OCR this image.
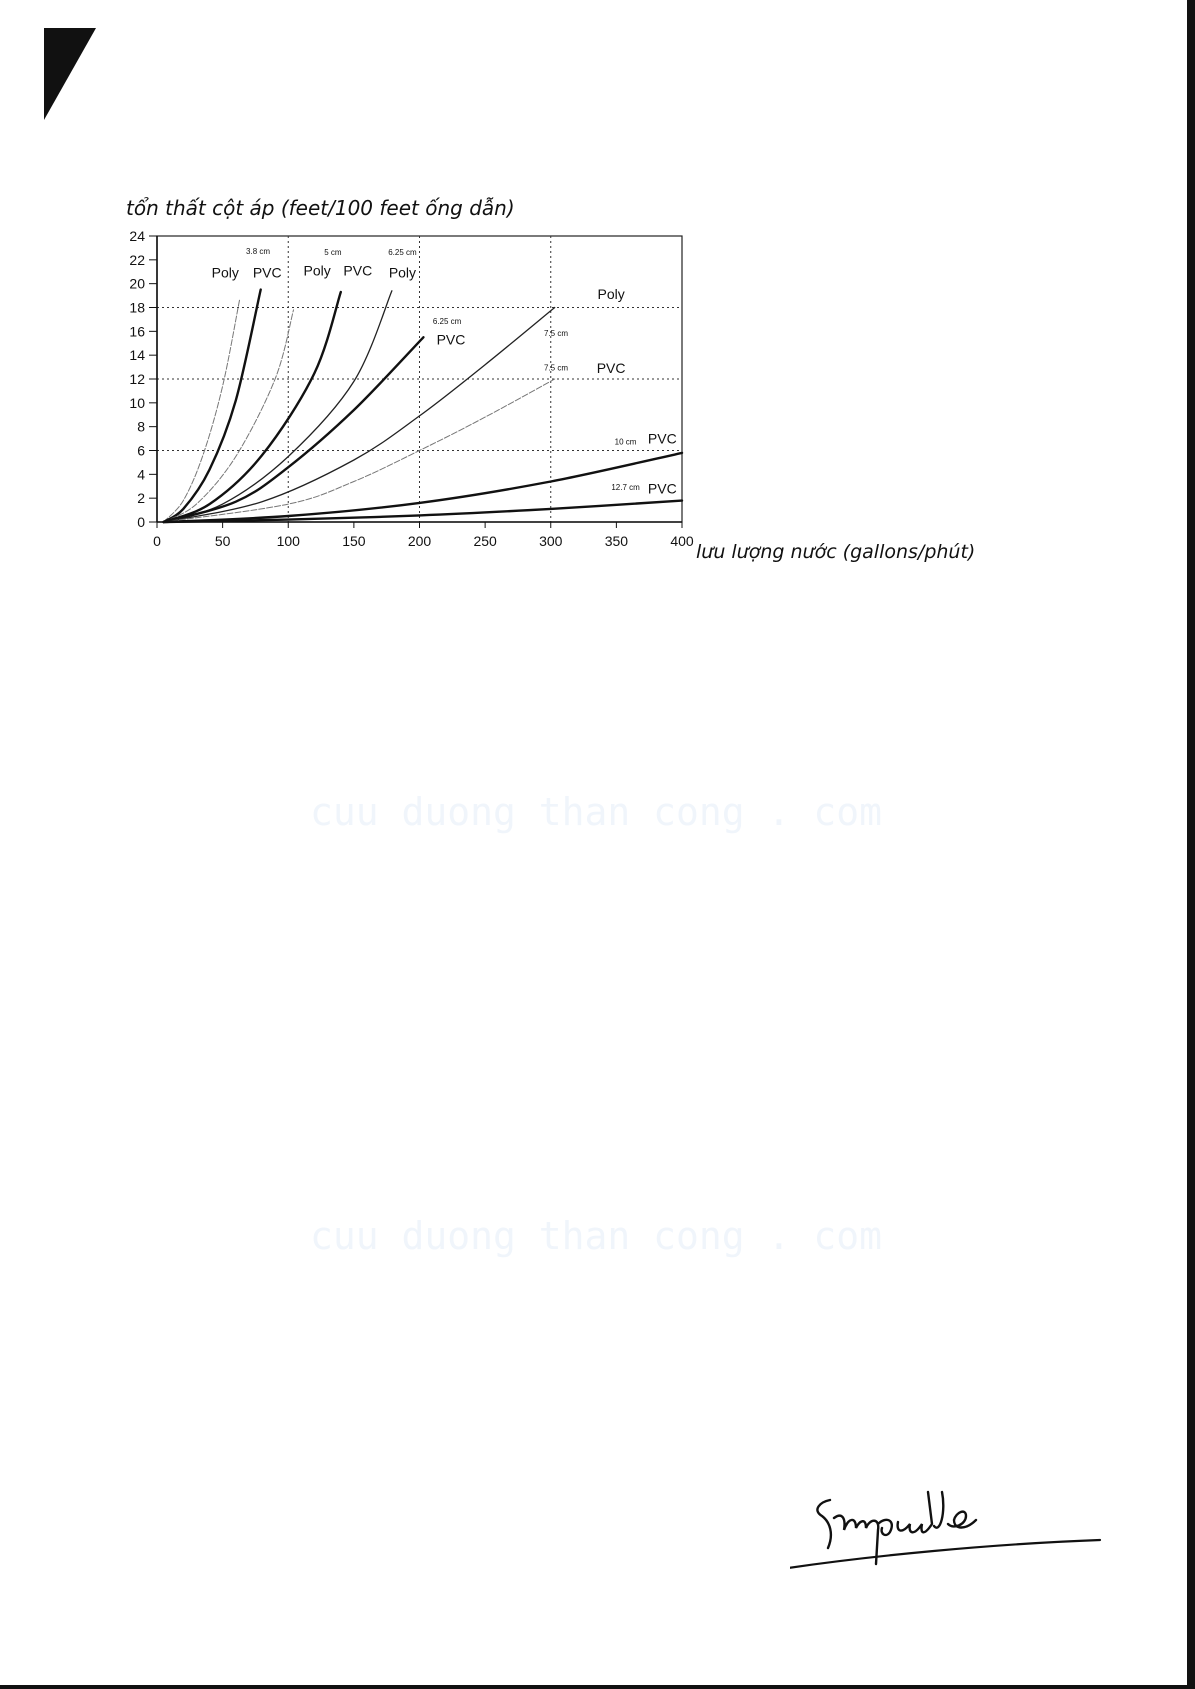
tổn thất cột áp (feet/100 feet ống dẫn)
lưu lượng nước (gallons/phút)
0
2
4
6
8
10
12
14
16
18
20
22
24
0	50	100	150	200	250	300	350	400
3.8 cm
Poly PVC
5 cm
Poly PVC
6.25 cm
Poly
6.25 cm
PVC
Poly
7.5 cm
7.5 cm PVC
10 cm PVC
12.7 cm PVC
cuu duong than cong . com
cuu duong than cong . com
